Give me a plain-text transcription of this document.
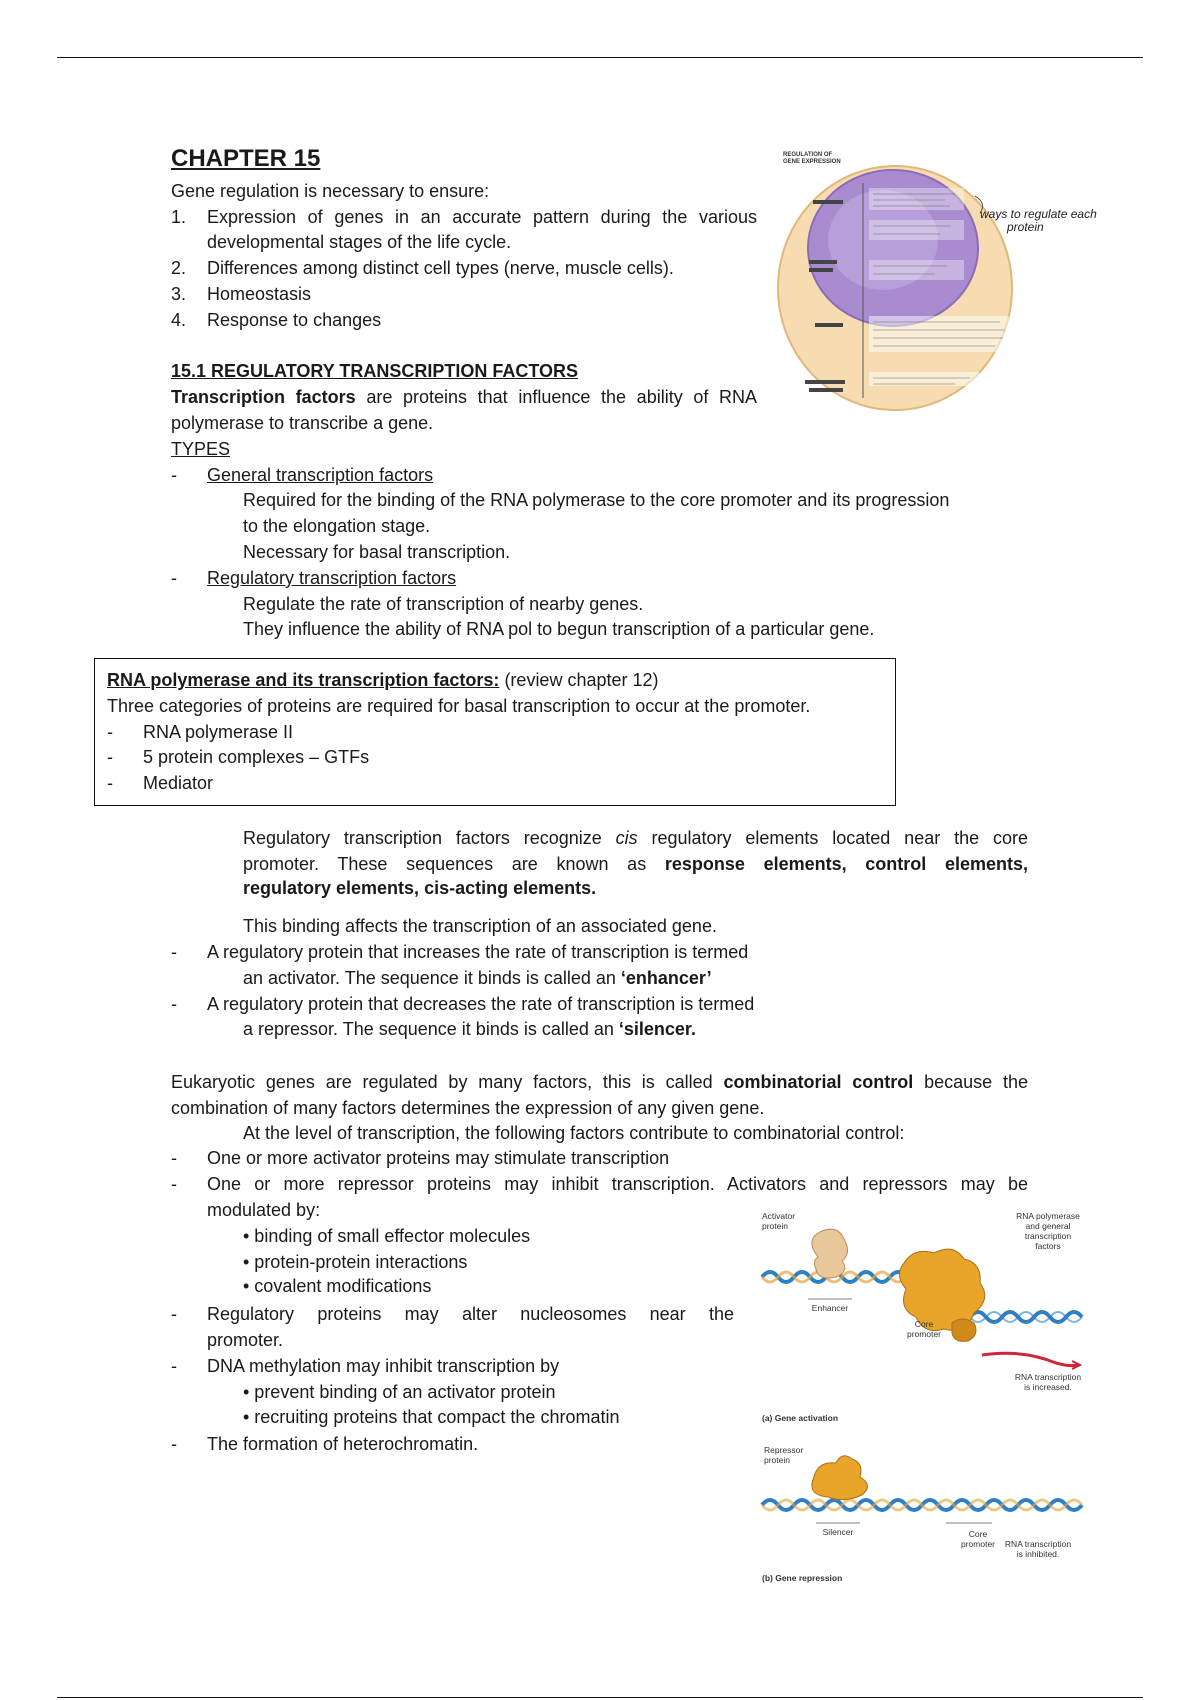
CHAPTER 15
Gene regulation is necessary to ensure:
1. Expression of genes in an accurate pattern during the various
developmental stages of the life cycle.
2. Differences among distinct cell types (nerve, muscle cells).
3. Homeostasis
4. Response to changes
15.1 REGULATORY TRANSCRIPTION FACTORS
Transcription factors are proteins that influence the ability of RNA
polymerase to transcribe a gene.
TYPES
- General transcription factors
Required for the binding of the RNA polymerase to the core promoter and its progression
to the elongation stage.
Necessary for basal transcription.
- Regulatory transcription factors
Regulate the rate of transcription of nearby genes.
They influence the ability of RNA pol to begun transcription of a particular gene.
RNA polymerase and its transcription factors: (review chapter 12)
Three categories of proteins are required for basal transcription to occur at the promoter.
- RNA polymerase II
- 5 protein complexes – GTFs
- Mediator
Regulatory transcription factors recognize cis regulatory elements located near the core
promoter. These sequences are known as response elements, control elements,
regulatory elements, cis-acting elements.
This binding affects the transcription of an associated gene.
- A regulatory protein that increases the rate of transcription is termed
an activator. The sequence it binds is called an ‘enhancer’
- A regulatory protein that decreases the rate of transcription is termed
a repressor. The sequence it binds is called an ‘silencer.
Eukaryotic genes are regulated by many factors, this is called combinatorial control because the
combination of many factors determines the expression of any given gene.
At the level of transcription, the following factors contribute to combinatorial control:
- One or more activator proteins may stimulate transcription
- One or more repressor proteins may inhibit transcription. Activators and repressors may be
modulated by:
• binding of small effector molecules
• protein-protein interactions
• covalent modifications
- Regulatory proteins may alter nucleosomes near the
promoter.
- DNA methylation may inhibit transcription by
• prevent binding of an activator protein
• recruiting proteins that compact the chromatin
- The formation of heterochromatin.
REGULATION OF
GENE EXPRESSION
ways to regulate each
protein
Activator
protein
RNA polymerase
and general
transcription
factors
Enhancer
Core
promoter
RNA transcription
is increased.
(a) Gene activation
Repressor
protein
Silencer	Core
promoter RNA transcription
is inhibited.
(b) Gene repression
